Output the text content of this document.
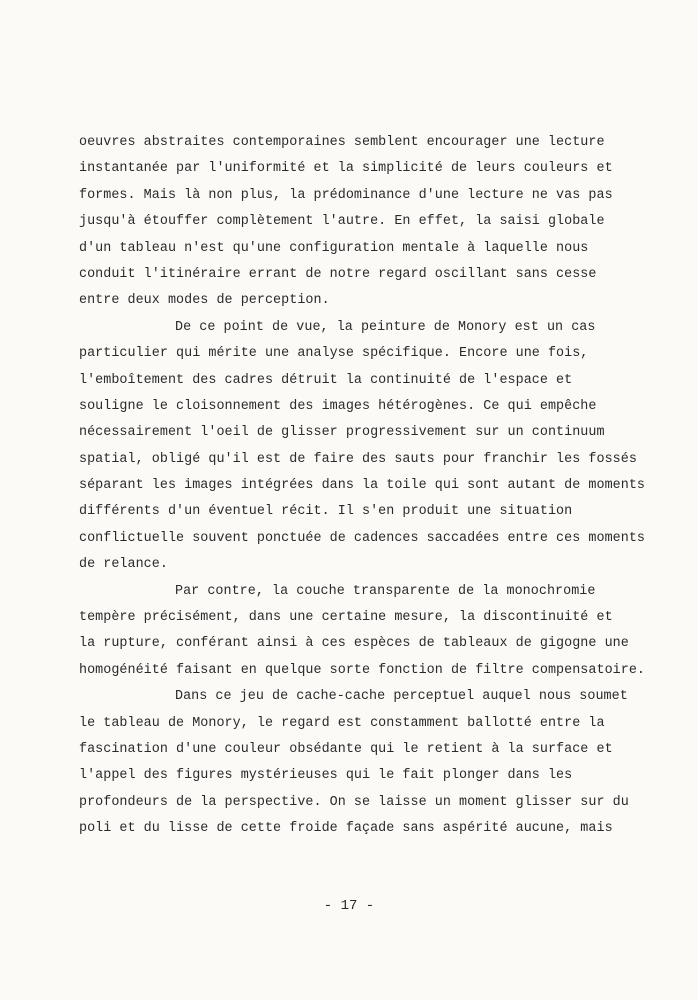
oeuvres abstraites contemporaines semblent encourager une lecture
instantanée par l'uniformité et la simplicité de leurs couleurs et
formes. Mais là non plus, la prédominance d'une lecture ne vas pas
jusqu'à étouffer complètement l'autre. En effet, la saisi globale
d'un tableau n'est qu'une configuration mentale à laquelle nous
conduit l'itinéraire errant de notre regard oscillant sans cesse
entre deux modes de perception.
De ce point de vue, la peinture de Monory est un cas
particulier qui mérite une analyse spécifique. Encore une fois,
l'emboîtement des cadres détruit la continuité de l'espace et
souligne le cloisonnement des images hétérogènes. Ce qui empêche
nécessairement l'oeil de glisser progressivement sur un continuum
spatial, obligé qu'il est de faire des sauts pour franchir les fossés
séparant les images intégrées dans la toile qui sont autant de moments
différents d'un éventuel récit. Il s'en produit une situation
conflictuelle souvent ponctuée de cadences saccadées entre ces moments
de relance.
Par contre, la couche transparente de la monochromie
tempère précisément, dans une certaine mesure, la discontinuité et
la rupture, conférant ainsi à ces espèces de tableaux de gigogne une
homogénéité faisant en quelque sorte fonction de filtre compensatoire.
Dans ce jeu de cache-cache perceptuel auquel nous soumet
le tableau de Monory, le regard est constamment ballotté entre la
fascination d'une couleur obsédante qui le retient à la surface et
l'appel des figures mystérieuses qui le fait plonger dans les
profondeurs de la perspective. On se laisse un moment glisser sur du
poli et du lisse de cette froide façade sans aspérité aucune, mais
- 17 -
